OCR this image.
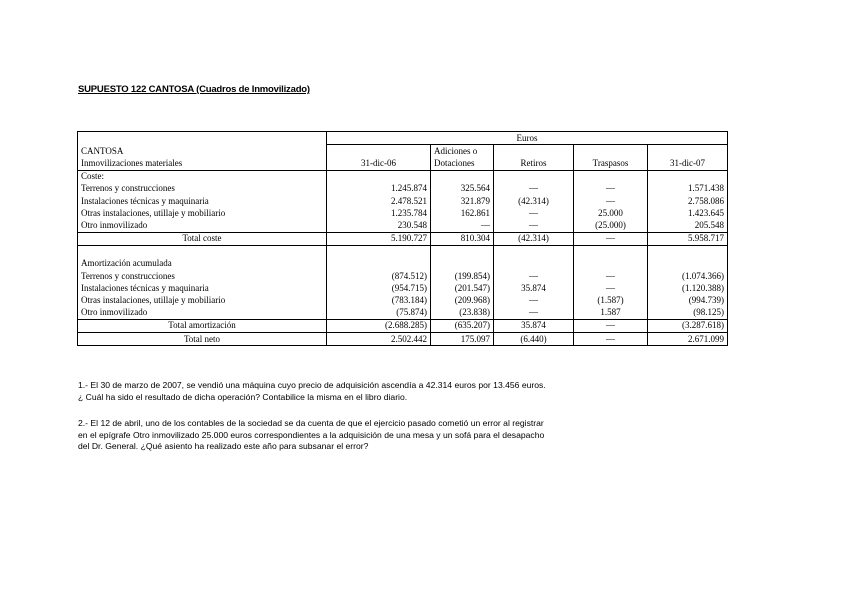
SUPUESTO 122 CANTOSA (Cuadros de Inmovilizado)
	Euros				
CANTOSA		Adiciones o			
Inmovilizaciones materiales	31-dic-06	Dotaciones	Retiros	Traspasos	31-dic-07
Coste:					
Terrenos y construcciones	1.245.874	325.564	—	—	1.571.438
Instalaciones técnicas y maquinaria	2.478.521	321.879	(42.314)	—	2.758.086
Otras instalaciones, utillaje y mobiliario	1.235.784	162.861	—	25.000	1.423.645
Otro inmovilizado	230.548	—	—	(25.000)	205.548
Total coste	5.190.727	810.304	(42.314)	—	5.958.717

Amortización acumulada					
Terrenos y construcciones	(874.512)	(199.854)	—	—	(1.074.366)
Instalaciones técnicas y maquinaria	(954.715)	(201.547)	35.874	—	(1.120.388)
Otras instalaciones, utillaje y mobiliario	(783.184)	(209.968)	—	(1.587)	(994.739)
Otro inmovilizado	(75.874)	(23.838)	—	1.587	(98.125)
Total amortización	(2.688.285)	(635.207)	35.874	—	(3.287.618)
Total neto	2.502.442	175.097	(6.440)	—	2.671.099

1.- El 30 de marzo de 2007, se vendió una máquina cuyo precio de adquisición ascendía a 42.314 euros por 13.456 euros.

¿ Cuál ha sido el resultado de dicha operación? Contabilice la misma en el libro diario.

2.- El 12 de abril, uno de los contables de la sociedad se da cuenta de que el ejercicio pasado cometió un error al registrar

en el epígrafe Otro inmovilizado 25.000 euros correspondientes a la adquisición de una mesa y un sofá para el desapacho

del Dr. General. ¿Qué asiento ha realizado este año para subsanar el error?
